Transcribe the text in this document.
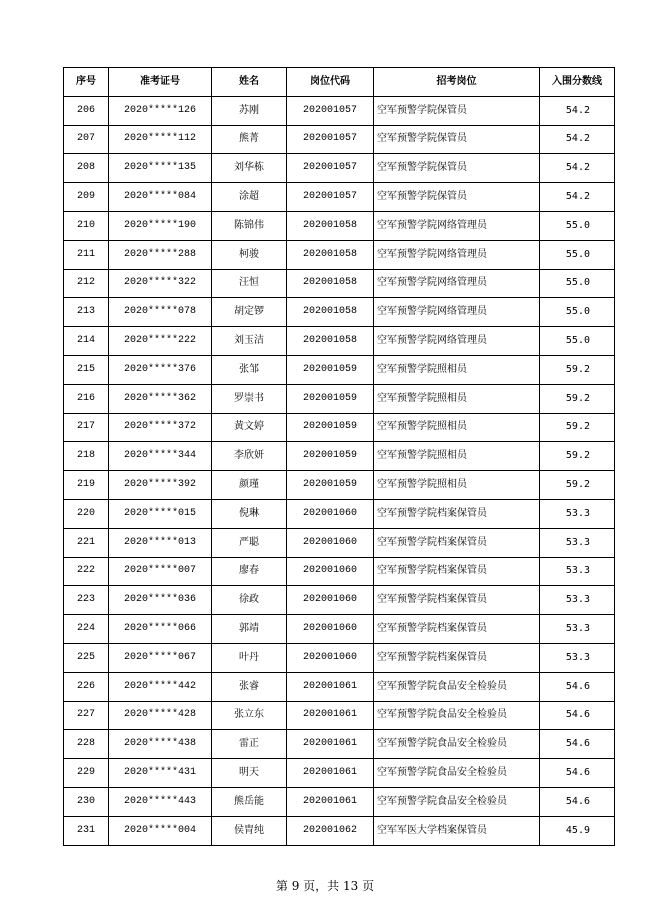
序号	准考证号	姓名	岗位代码	招考岗位	入围分数线
206	2020*****126	苏刚	202001057	空军预警学院保管员	54.2
207	2020*****112	熊菁	202001057	空军预警学院保管员	54.2
208	2020*****135	刘华栋	202001057	空军预警学院保管员	54.2
209	2020*****084	涂超	202001057	空军预警学院保管员	54.2
210	2020*****190	陈锦伟	202001058	空军预警学院网络管理员	55.0
211	2020*****288	柯骏	202001058	空军预警学院网络管理员	55.0
212	2020*****322	汪恒	202001058	空军预警学院网络管理员	55.0
213	2020*****078	胡定锣	202001058	空军预警学院网络管理员	55.0
214	2020*****222	刘玉洁	202001058	空军预警学院网络管理员	55.0
215	2020*****376	张邹	202001059	空军预警学院照相员	59.2
216	2020*****362	罗崇书	202001059	空军预警学院照相员	59.2
217	2020*****372	黄文婷	202001059	空军预警学院照相员	59.2
218	2020*****344	李欣妍	202001059	空军预警学院照相员	59.2
219	2020*****392	颜瑾	202001059	空军预警学院照相员	59.2
220	2020*****015	倪琳	202001060	空军预警学院档案保管员	53.3
221	2020*****013	严聪	202001060	空军预警学院档案保管员	53.3
222	2020*****007	廖春	202001060	空军预警学院档案保管员	53.3
223	2020*****036	徐政	202001060	空军预警学院档案保管员	53.3
224	2020*****066	郭靖	202001060	空军预警学院档案保管员	53.3
225	2020*****067	叶丹	202001060	空军预警学院档案保管员	53.3
226	2020*****442	张睿	202001061	空军预警学院食品安全检验员	54.6
227	2020*****428	张立东	202001061	空军预警学院食品安全检验员	54.6
228	2020*****438	雷正	202001061	空军预警学院食品安全检验员	54.6
229	2020*****431	明天	202001061	空军预警学院食品安全检验员	54.6
230	2020*****443	熊岳能	202001061	空军预警学院食品安全检验员	54.6
231	2020*****004	侯胄纯	202001062	空军军医大学档案保管员	45.9
第 9 页，共 13 页
